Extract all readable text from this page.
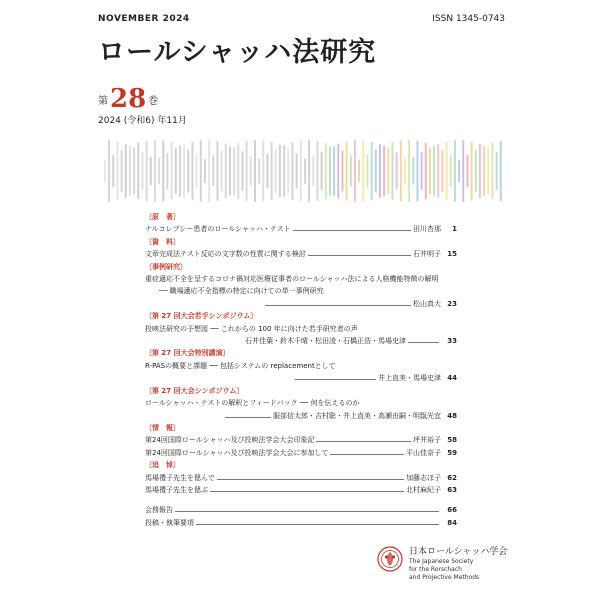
NOVEMBER 2024	ISSN 1345-0743
ロールシャッハ法研究
第 28 巻
2024 (令和6) 年11月
〔原　著〕
ナルコレプシー患者のロールシャッハ・テスト	田川杏那	1
〔資　料〕
文章完成法テスト反応の文字数の性質に関する検討	石井明子 15
〔事例研究〕
重症適応不全を呈するコロナ禍対応医療従事者のロールシャッハ法による人格機能特徴の解明
── 職場適応不全指標の特定に向けての単一事例研究
松山真大 23
〔第 27 回大会若手シンポジウム〕
投映法研究の予想図 ── これからの 100 年に向けた若手研究者の声
石井佳葉・鈴木千晴・松田凌・石橋正浩・馬場史津	33
〔第 27 回大会特別講演〕
R-PASの概要と課題 ── 包括システムの replacementとして
井上直美・馬場史津 44
〔第 27 回大会シンポジウム〕
ロールシャッハ・テストの解釈とフィードバック ── 何を伝えるのか
服部信太郎・吉村聡・井上直美・高瀬由嗣・明翫光宜 48
〔情　報〕
第24回国際ロールシャッハ及び投映法学会大会印象記	坪井裕子 58
第24回国際ロールシャッハ及び投映法学会大会に参加して	平山佳奈子 59
〔追　悼〕
馬場禮子先生を偲んで	加藤志ほ子 62
馬場禮子先生を偲ぶ	北村麻紀子 63
会務報告	66
投稿・執筆要項	84
日本ロールシャッハ学会
The Japanese Society
for the Rorschach
and Projective Methods
